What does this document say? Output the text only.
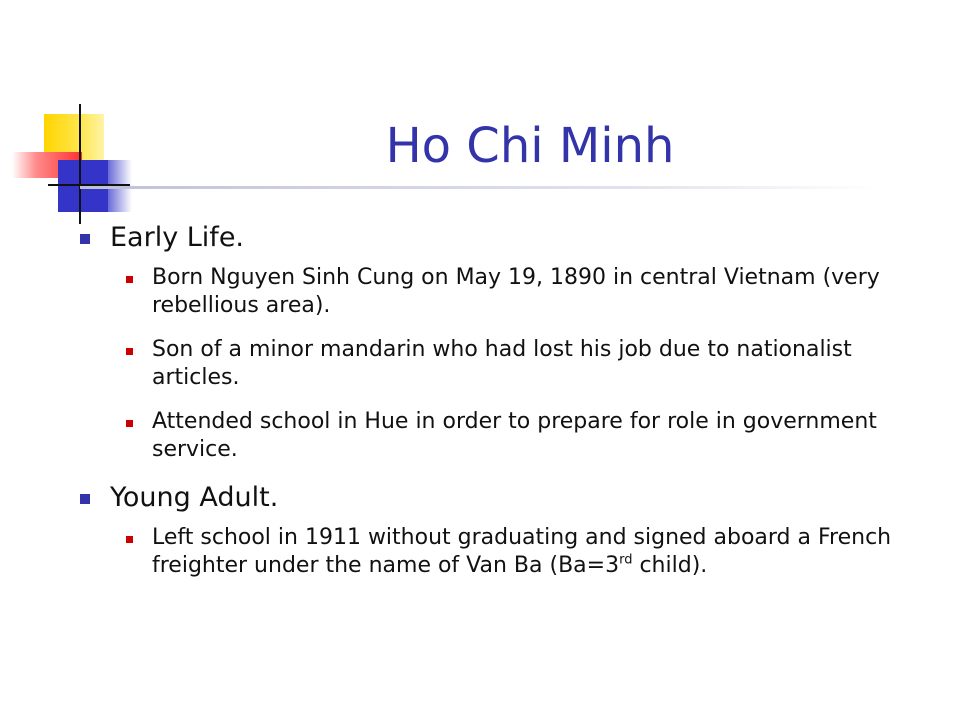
Ho Chi Minh
Early Life.
Born Nguyen Sinh Cung on May 19, 1890 in central Vietnam (very rebellious area).
Son of a minor mandarin who had lost his job due to nationalist articles.
Attended school in Hue in order to prepare for role in government service.
Young Adult.
Left school in 1911 without graduating and signed aboard a French freighter under the name of Van Ba (Ba=3rd child).
